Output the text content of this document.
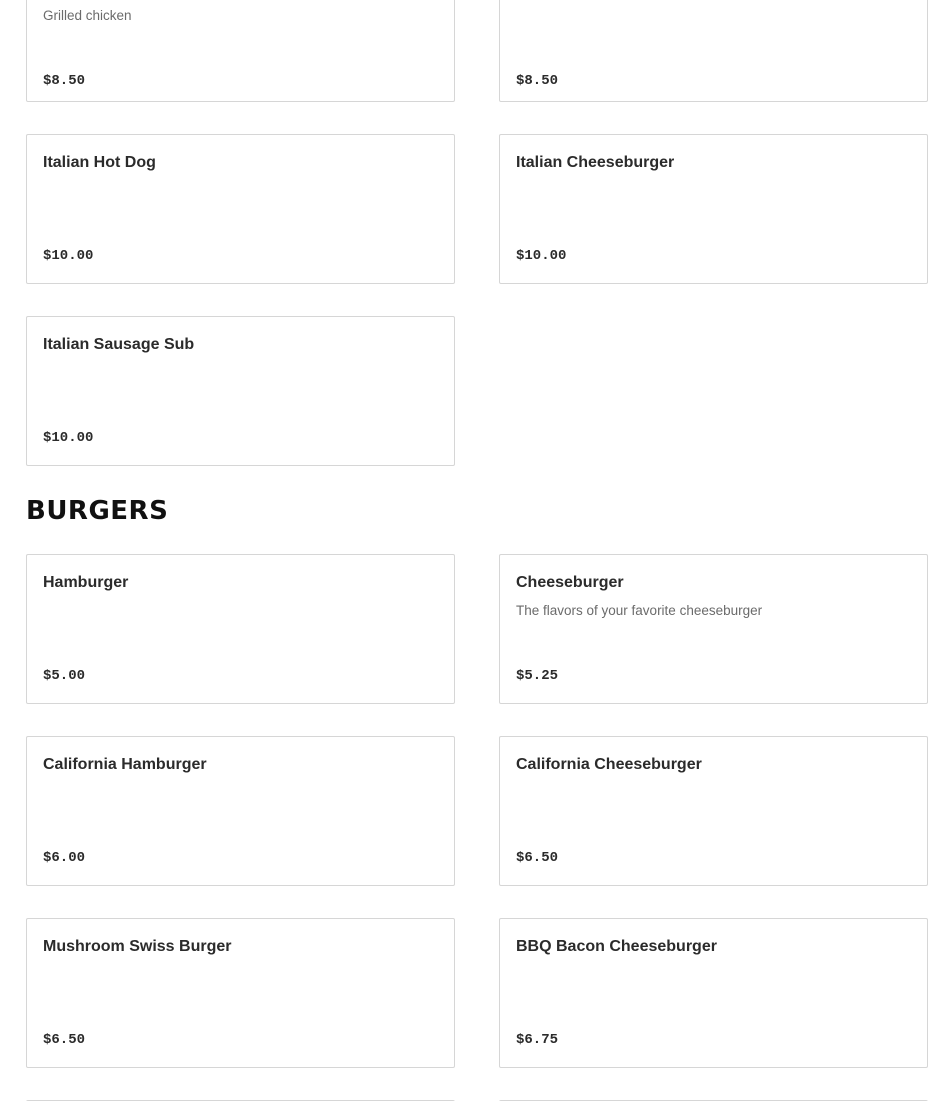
Grilled chicken
$8.50	$8.50
Italian Hot Dog
$10.00
Italian Cheeseburger
$10.00
Italian Sausage Sub
$10.00
BURGERS
Hamburger
$5.00
Cheeseburger
The flavors of your favorite cheeseburger
$5.25
California Hamburger
$6.00
California Cheeseburger
$6.50
Mushroom Swiss Burger
$6.50
BBQ Bacon Cheeseburger
$6.75
